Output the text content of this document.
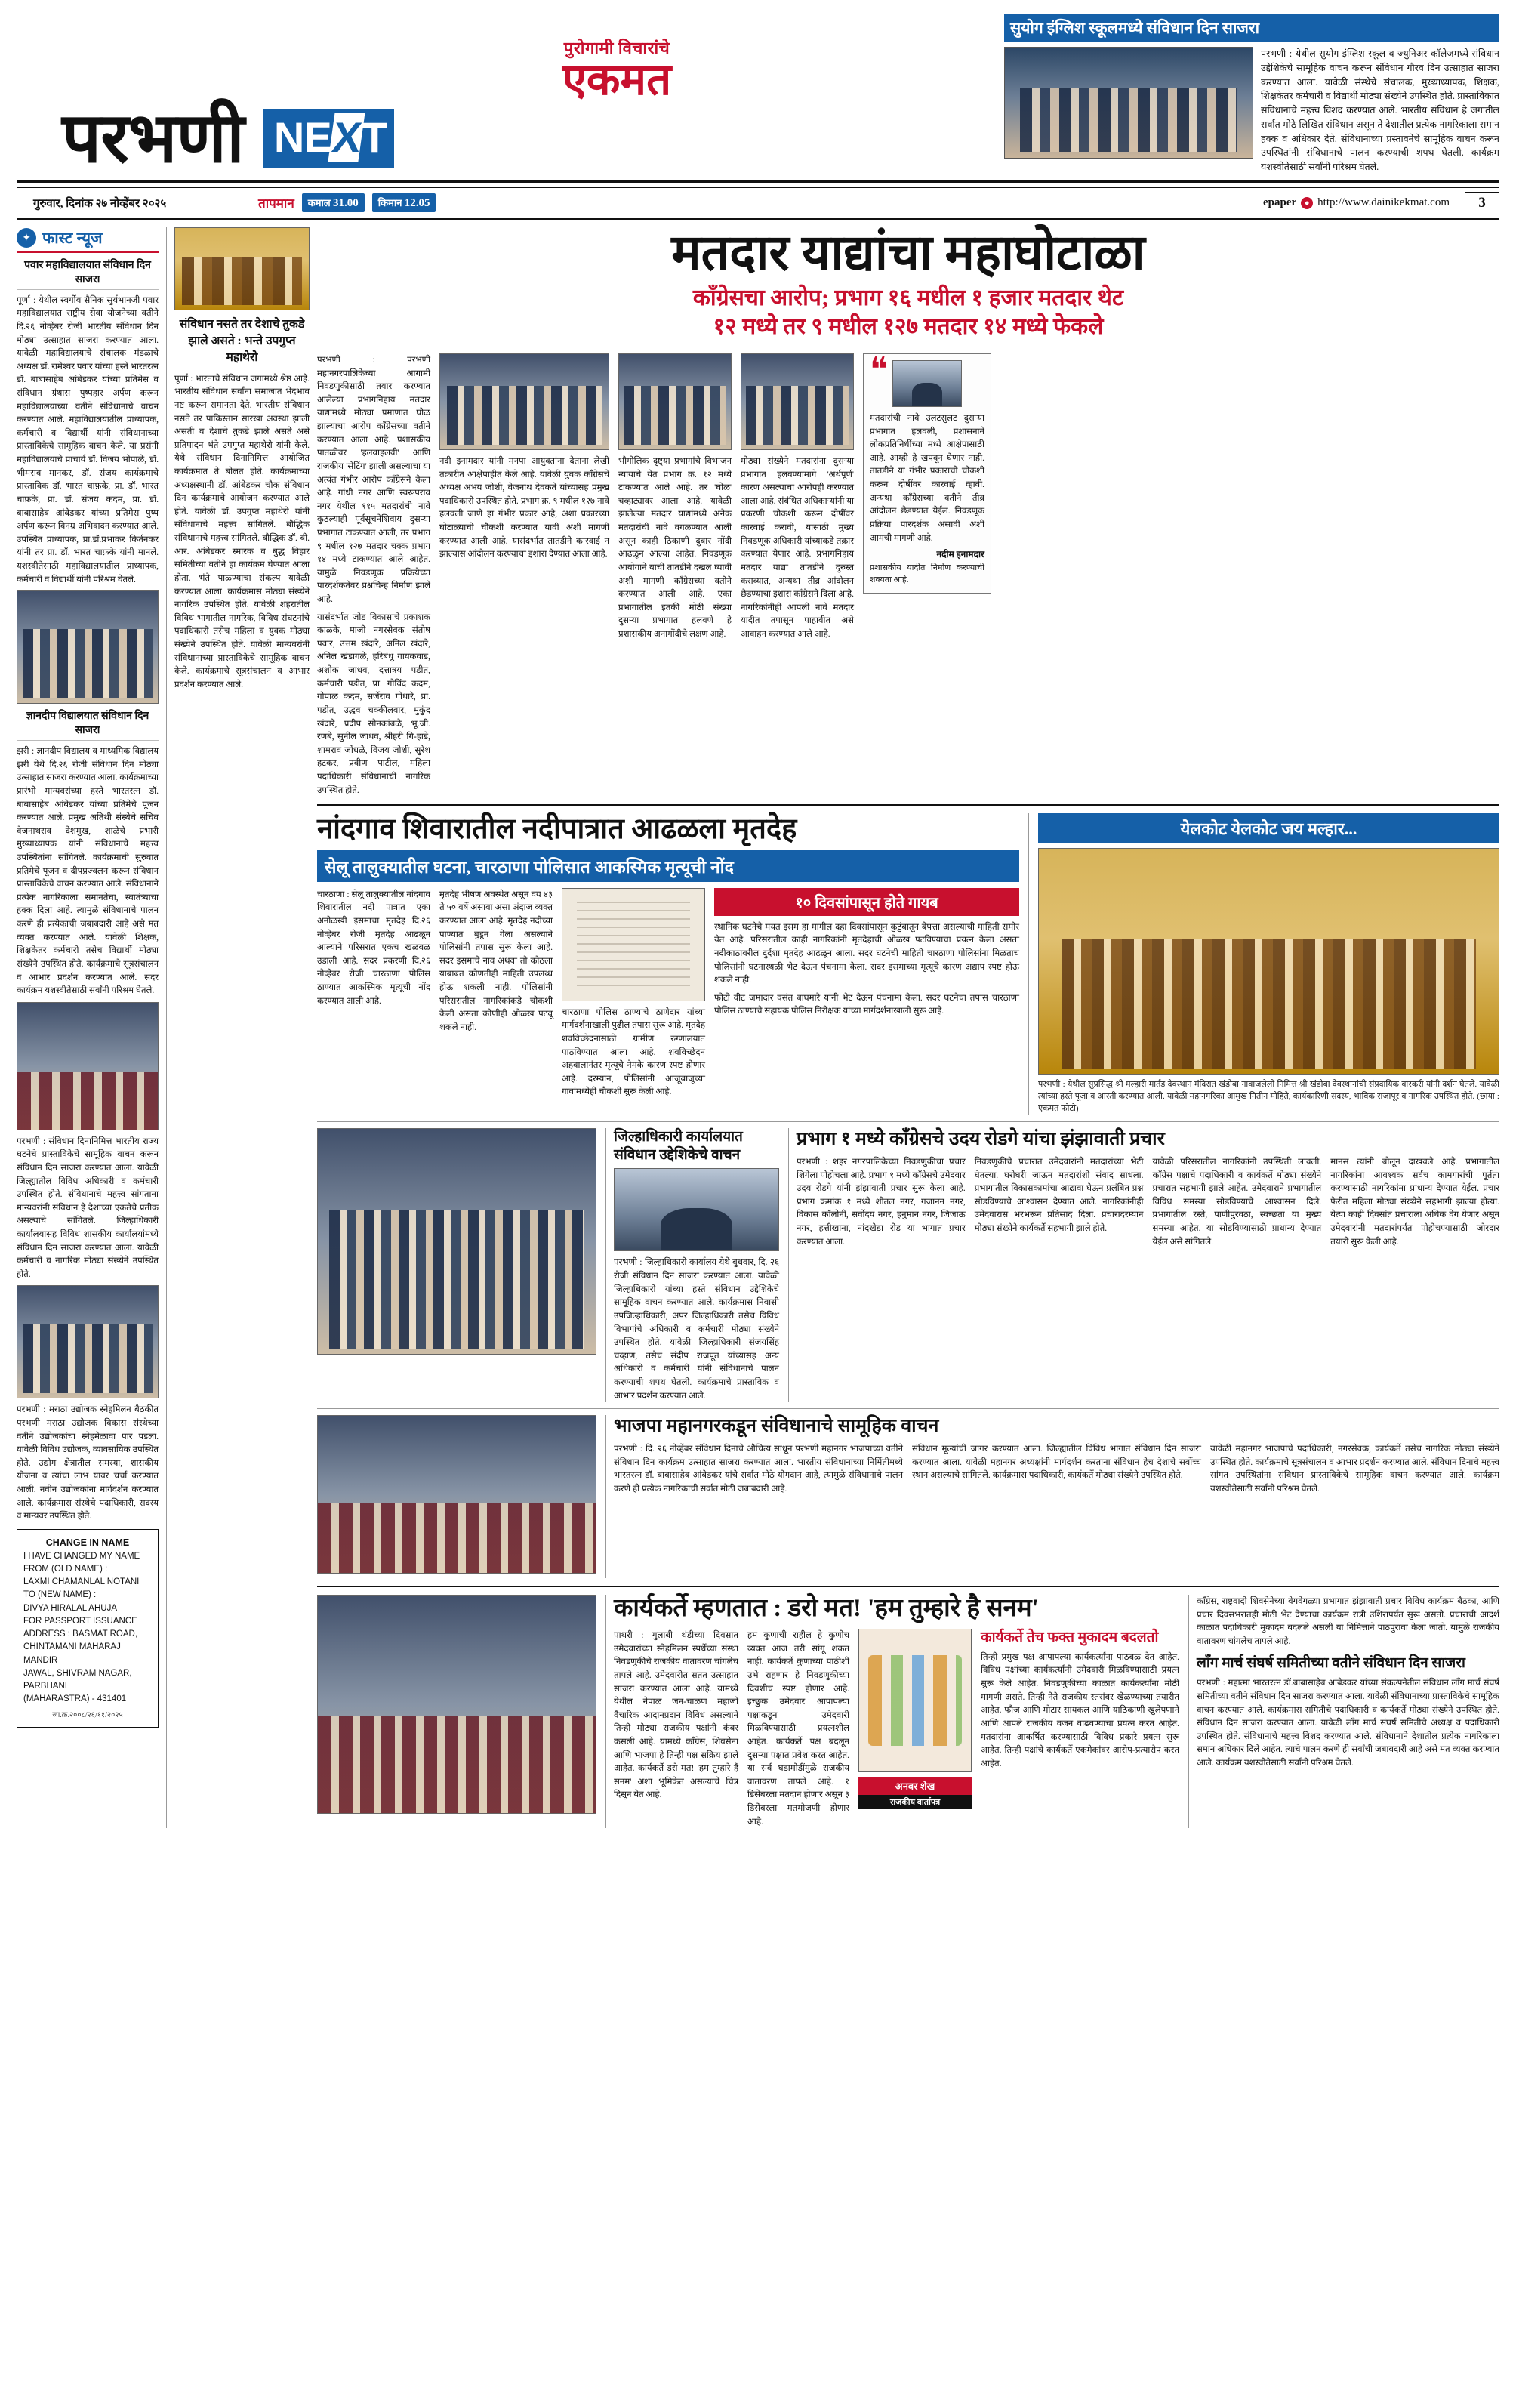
पुरोगामी विचारांचे
एकमत
परभणी NEXT
सुयोग इंग्लिश स्कूलमध्ये संविधान दिन साजरा
परभणी : येथील सुयोग इंग्लिश स्कूल व ज्युनिअर कॉलेजमध्ये संविधान उद्देशिकेचे सामूहिक वाचन करून संविधान गौरव दिन उत्साहात साजरा करण्यात आला. यावेळी संस्थेचे संचालक, मुख्याध्यापक, शिक्षक, शिक्षकेतर कर्मचारी व विद्यार्थी मोठ्या संख्येने उपस्थित होते. प्रास्ताविकात संविधानाचे महत्त्व विशद करण्यात आले. भारतीय संविधान हे जगातील सर्वात मोठे लिखित संविधान असून ते देशातील प्रत्येक नागरिकाला समान हक्क व अधिकार देते. संविधानाच्या प्रस्तावनेचे सामूहिक वाचन करून उपस्थितांनी संविधानाचे पालन करण्याची शपथ घेतली. कार्यक्रम यशस्वीतेसाठी सर्वांनी परिश्रम घेतले.
गुरुवार, दिनांक २७ नोव्हेंबर २०२५	तापमान	कमाल 31.00	किमान 12.05	epaper ● http://www.dainikekmat.com	3
✦ फास्ट न्यूज
पवार महाविद्यालयात संविधान दिन साजरा
पूर्णा : येथील स्वर्गीय सैनिक सुर्यभानजी पवार महाविद्यालयात राष्ट्रीय सेवा योजनेच्या वतीने दि.२६ नोव्हेंबर रोजी भारतीय संविधान दिन मोठ्या उत्साहात साजरा करण्यात आला. यावेळी महाविद्यालयाचे संचालक मंडळाचे अध्यक्ष डॉ. रामेश्वर पवार यांच्या हस्ते भारतरत्न डॉ. बाबासाहेब आंबेडकर यांच्या प्रतिमेस व संविधान ग्रंथास पुष्पहार अर्पण करून महाविद्यालयाच्या वतीने संविधानाचे वाचन करण्यात आले. महाविद्यालयातील प्राध्यापक, कर्मचारी व विद्यार्थी यांनी संविधानाच्या प्रास्ताविकेचे सामूहिक वाचन केले. या प्रसंगी महाविद्यालयाचे प्राचार्य डॉ. विजय भोपाळे, डॉ. भीमराव मानकर, डॉ. संजय कार्यक्रमाचे प्रास्ताविक डॉ. भारत चाफ़के, प्रा. डॉ. भारत चाफ़के, प्रा. डॉ. संजय कदम, प्रा. डॉ. बाबासाहेब आंबेडकर यांच्या प्रतिमेस पुष्प अर्पण करून विनम्र अभिवादन करण्यात आले. उपस्थित प्राध्यापक, प्रा.डॉ.प्रभाकर किर्तनकर यांनी तर प्रा. डॉ. भारत चाफ़के यांनी मानले. यशस्वीतेसाठी महाविद्यालयातील प्राध्यापक, कर्मचारी व विद्यार्थी यांनी परिश्रम घेतले.
ज्ञानदीप विद्यालयात संविधान दिन साजरा
झरी : ज्ञानदीप विद्यालय व माध्यमिक विद्यालय झरी येथे दि.२६ रोजी संविधान दिन मोठ्या उत्साहात साजरा करण्यात आला. कार्यक्रमाच्या प्रारंभी मान्यवरांच्या हस्ते भारतरत्न डॉ. बाबासाहेब आंबेडकर यांच्या प्रतिमेचे पूजन करण्यात आले. प्रमुख अतिथी संस्थेचे सचिव वेजनाथराव देशमुख, शाळेचे प्रभारी मुख्याध्यापक यांनी संविधानाचे महत्त्व उपस्थितांना सांगितले. कार्यक्रमाची सुरुवात प्रतिमेचे पूजन व दीपप्रज्वलन करून संविधान प्रास्ताविकेचे वाचन करण्यात आले. संविधानाने प्रत्येक नागरिकाला समानतेचा, स्वातंत्र्याचा हक्क दिला आहे. त्यामुळे संविधानाचे पालन करणे ही प्रत्येकाची जबाबदारी आहे असे मत व्यक्त करण्यात आले. यावेळी शिक्षक, शिक्षकेतर कर्मचारी तसेच विद्यार्थी मोठ्या संख्येने उपस्थित होते. कार्यक्रमाचे सूत्रसंचालन व आभार प्रदर्शन करण्यात आले. सदर कार्यक्रम यशस्वीतेसाठी सर्वांनी परिश्रम घेतले.
परभणी : संविधान दिनानिमित्त भारतीय राज्य घटनेचे प्रास्ताविकेचे सामूहिक वाचन करून संविधान दिन साजरा करण्यात आला. यावेळी जिल्ह्यातील विविध अधिकारी व कर्मचारी उपस्थित होते. संविधानाचे महत्त्व सांगताना मान्यवरांनी संविधान हे देशाच्या एकतेचे प्रतीक असल्याचे सांगितले. जिल्हाधिकारी कार्यालयासह विविध शासकीय कार्यालयांमध्ये संविधान दिन साजरा करण्यात आला. यावेळी कर्मचारी व नागरिक मोठ्या संख्येने उपस्थित होते.
परभणी : मराठा उद्योजक स्नेहमिलन बैठकीत परभणी मराठा उद्योजक विकास संस्थेच्या वतीने उद्योजकांचा स्नेहमेळावा पार पडला. यावेळी विविध उद्योजक, व्यावसायिक उपस्थित होते. उद्योग क्षेत्रातील समस्या, शासकीय योजना व त्यांचा लाभ यावर चर्चा करण्यात आली. नवीन उद्योजकांना मार्गदर्शन करण्यात आले. कार्यक्रमास संस्थेचे पदाधिकारी, सदस्य व मान्यवर उपस्थित होते.
CHANGE IN NAME
I HAVE CHANGED MY NAME
FROM (OLD NAME) :
LAXMI CHAMANLAL NOTANI
TO (NEW NAME) :
DIVYA HIRALAL AHUJA
FOR PASSPORT ISSUANCE
ADDRESS : BASMAT ROAD,
CHINTAMANI MAHARAJ MANDIR
JAWAL, SHIVRAM NAGAR, PARBHANI
(MAHARASTRA) - 431401
जा.क्र.२००८/२६/११/२०२५
संविधान नसते तर देशाचे तुकडे झाले असते : भन्ते उपगुप्त महाथेरो
पूर्णा : भारताचे संविधान जगामध्ये श्रेष्ठ आहे. भारतीय संविधान सर्वांना समाजात भेदभाव नष्ट करून समानता देते. भारतीय संविधान नसते तर पाकिस्तान सारखा अवस्था झाली असती व देशाचे तुकडे झाले असते असे प्रतिपादन भंते उपगुप्त महाथेरो यांनी केले. येथे संविधान दिनानिमित्त आयोजित कार्यक्रमात ते बोलत होते. कार्यक्रमाच्या अध्यक्षस्थानी डॉ. आंबेडकर चौक संविधान दिन कार्यक्रमाचे आयोजन करण्यात आले होते. यावेळी डॉ. उपगुप्त महाथेरो यांनी संविधानाचे महत्त्व सांगितले. बौद्धिक संविधानाचे महत्त्व सांगितले. बौद्धिक डॉ. बी. आर. आंबेडकर स्मारक व बुद्ध विहार समितीच्या वतीने हा कार्यक्रम घेण्यात आला होता. भंते पाळण्याचा संकल्प यावेळी करण्यात आला. कार्यक्रमास मोठ्या संख्येने नागरिक उपस्थित होते. यावेळी शहरातील विविध भागातील नागरिक, विविध संघटनांचे पदाधिकारी तसेच महिला व युवक मोठ्या संख्येने उपस्थित होते. यावेळी मान्यवरांनी संविधानाच्या प्रास्ताविकेचे सामूहिक वाचन केले. कार्यक्रमाचे सूत्रसंचालन व आभार प्रदर्शन करण्यात आले.
मतदार याद्यांचा महाघोटाळा
काँग्रेसचा आरोप; प्रभाग १६ मधील १ हजार मतदार थेट
१२ मध्ये तर ९ मधील १२७ मतदार १४ मध्ये फेकले
परभणी : परभणी महानगरपालिकेच्या आगामी निवडणुकीसाठी तयार करण्यात आलेल्या प्रभागनिहाय मतदार याद्यांमध्ये मोठ्या प्रमाणात घोळ झाल्याचा आरोप काँग्रेसच्या वतीने करण्यात आला आहे. प्रशासकीय पातळीवर 'हलवाहलवी' आणि राजकीय 'सेटिंग' झाली असल्याचा या अत्यंत गंभीर आरोप काँग्रेसने केला आहे. गांधी नगर आणि स्वरूपराव नगर येथील ११५ मतदारांची नावे कुठल्याही पूर्वसूचनेशिवाय दुसऱ्या प्रभागात टाकण्यात आली, तर प्रभाग ९ मधील १२७ मतदार चक्क प्रभाग १४ मध्ये टाकण्यात आले आहेत. यामुळे निवडणूक प्रक्रियेच्या पारदर्शकतेवर प्रश्नचिन्ह निर्माण झाले आहे.
यासंदर्भात जोड विकासाचे प्रकाशक काळके, माजी नगरसेवक संतोष पवार, उत्तम खंदारे, अनिल खंदारे, अनिल खंडागळे, हरिबंधू गायकवाड, अशोक जाधव, दत्तात्रय पडीत, कर्मचारी पडीत, प्रा. गोविंद कदम, गोपाळ कदम, सर्जेराव गोंधारे, प्रा. पडीत, उद्धव चक्कीलवार, मुकुंद खंदारे, प्रदीप सोनकांबळे, भू.जी. रणबे, सुनील जाधव, श्रीहरी गि-हाडे, शामराव जोंधळे, विजय जोशी, सुरेश हटकर, प्रवीण पाटील, महिला पदाधिकारी संविधानाची नागरिक उपस्थित होते.
नदी इनामदार यांनी मनपा आयुक्तांना देताना लेखी तक्रारीत आक्षेपाहीत केले आहे. यावेळी युवक काँग्रेसचे अध्यक्ष अभय जोशी, वेजनाथ देवकते यांच्यासह प्रमुख पदाधिकारी उपस्थित होते. प्रभाग क्र. ९ मधील १२७ नावे हलवली जाणे हा गंभीर प्रकार आहे, अशा प्रकारच्या घोटाळ्याची चौकशी करण्यात यावी अशी मागणी करण्यात आली आहे. यासंदर्भात तातडीने कारवाई न झाल्यास आंदोलन करण्याचा इशारा देण्यात आला आहे.
भौगोलिक दृष्ट्या प्रभागांचे विभाजन न्यायाचे येत प्रभाग क्र. १२ मध्ये टाकण्यात आले आहे. तर 'घोळ' चव्हाट्यावर आला आहे. यावेळी झालेल्या मतदार याद्यांमध्ये अनेक मतदारांची नावे वगळण्यात आली असून काही ठिकाणी दुबार नोंदी आढळून आल्या आहेत. निवडणूक आयोगाने याची तातडीने दखल घ्यावी अशी मागणी काँग्रेसच्या वतीने करण्यात आली आहे. एका प्रभागातील इतकी मोठी संख्या दुसऱ्या प्रभागात हलवणे हे प्रशासकीय अनागोंदीचे लक्षण आहे.
मोठ्या संख्येने मतदारांना दुसऱ्या प्रभागात हलवण्यामागे 'अर्थपूर्ण' कारण असल्याचा आरोपही करण्यात आला आहे. संबंधित अधिकाऱ्यांनी या प्रकरणी चौकशी करून दोषींवर कारवाई करावी, यासाठी मुख्य निवडणूक अधिकारी यांच्याकडे तक्रार करण्यात येणार आहे. प्रभागनिहाय मतदार याद्या तातडीने दुरुस्त कराव्यात, अन्यथा तीव्र आंदोलन छेडण्याचा इशारा काँग्रेसने दिला आहे. नागरिकांनीही आपली नावे मतदार यादीत तपासून पाहावीत असे आवाहन करण्यात आले आहे.
❝
मतदारांची नावे उलटसुलट दुसऱ्या प्रभागात हलवली, प्रशासनाने लोकप्रतिनिधींच्या मध्ये आक्षेपासाठी आहे. आम्ही हे खपवून घेणार नाही. तातडीने या गंभीर प्रकाराची चौकशी करून दोषींवर कारवाई व्हावी. अन्यथा काँग्रेसच्या वतीने तीव्र आंदोलन छेडण्यात येईल. निवडणूक प्रक्रिया पारदर्शक असावी अशी आमची मागणी आहे.
नदीम इनामदार
प्रशासकीय यादीत निर्माण करण्याची शक्यता आहे.
नांदगाव शिवारातील नदीपात्रात आढळला मृतदेह
सेलू तालुक्यातील घटना, चारठाणा पोलिसात आकस्मिक मृत्यूची नोंद
चारठाणा : सेलू तालुक्यातील नांदगाव शिवारातील नदी पात्रात एका अनोळखी इसमाचा मृतदेह दि.२६ नोव्हेंबर रोजी मृतदेह आढळून आल्याने परिसरात एकच खळबळ उडाली आहे. सदर प्रकरणी दि.२६ नोव्हेंबर रोजी चारठाणा पोलिस ठाण्यात आकस्मिक मृत्यूची नोंद करण्यात आली आहे.
मृतदेह भीषण अवस्थेत असून वय ४३ ते ५० वर्षे असावा असा अंदाज व्यक्त करण्यात आला आहे. मृतदेह नदीच्या पाण्यात बुडून गेला असल्याने पोलिसांनी तपास सुरू केला आहे. सदर इसमाचे नाव अथवा तो कोठला याबाबत कोणतीही माहिती उपलब्ध होऊ शकली नाही. पोलिसांनी परिसरातील नागरिकांकडे चौकशी केली असता कोणीही ओळख पटवू शकले नाही.
चारठाणा पोलिस ठाण्याचे ठाणेदार यांच्या मार्गदर्शनाखाली पुढील तपास सुरू आहे. मृतदेह शवविच्छेदनासाठी ग्रामीण रुग्णालयात पाठविण्यात आला आहे. शवविच्छेदन अहवालानंतर मृत्यूचे नेमके कारण स्पष्ट होणार आहे. दरम्यान, पोलिसांनी आजूबाजूच्या गावांमध्येही चौकशी सुरू केली आहे.
१० दिवसांपासून होते गायब
स्थानिक घटनेचे मयत इसम हा मागील दहा दिवसांपासून कुटुंबातून बेपत्ता असल्याची माहिती समोर येत आहे. परिसरातील काही नागरिकांनी मृतदेहाची ओळख पटविण्याचा प्रयत्न केला असता नदीकाठावरील दुर्दशा मृतदेह आढळून आला. सदर घटनेची माहिती चारठाणा पोलिसांना मिळताच पोलिसांनी घटनास्थळी भेट देऊन पंचनामा केला. सदर इसमाच्या मृत्यूचे कारण अद्याप स्पष्ट होऊ शकले नाही.
फोटो वीट जमादार वसंत बाघमारे यांनी भेट देऊन पंचनामा केला. सदर घटनेचा तपास चारठाणा पोलिस ठाण्याचे सहायक पोलिस निरीक्षक यांच्या मार्गदर्शनाखाली सुरू आहे.
येलकोट येलकोट जय मल्हार...
परभणी : येथील सुप्रसिद्ध श्री मल्हारी मार्तंड देवस्थान मंदिरात खंडोबा नावाजलेली निमित्त श्री खंडोबा देवस्थानांची संप्रदायिक वारकरी यांनी दर्शन घेतले. यावेळी त्यांच्या हस्ते पूजा व आरती करण्यात आली. यावेळी महानगरिका आमुख नितीन मोहिते, कार्यकारिणी सदस्य, भाविक राजापूर व नागरिक उपस्थित होते. (छाया : एकमत फोटो)
जिल्हाधिकारी कार्यालयात संविधान उद्देशिकेचे वाचन
परभणी : जिल्हाधिकारी कार्यालय येथे बुधवार, दि. २६ रोजी संविधान दिन साजरा करण्यात आला. यावेळी जिल्हाधिकारी यांच्या हस्ते संविधान उद्देशिकेचे सामूहिक वाचन करण्यात आले. कार्यक्रमास निवासी उपजिल्हाधिकारी, अपर जिल्हाधिकारी तसेच विविध विभागांचे अधिकारी व कर्मचारी मोठ्या संख्येने उपस्थित होते. यावेळी जिल्हाधिकारी संजयसिंह चव्हाण, तसेच संदीप राजपूत यांच्यासह अन्य अधिकारी व कर्मचारी यांनी संविधानाचे पालन करण्याची शपथ घेतली. कार्यक्रमाचे प्रास्ताविक व आभार प्रदर्शन करण्यात आले.
प्रभाग १ मध्ये काँग्रेसचे उदय रोडगे यांचा झंझावाती प्रचार
परभणी : शहर नगरपालिकेच्या निवडणुकीचा प्रचार शिगेला पोहोचला आहे. प्रभाग १ मध्ये काँग्रेसचे उमेदवार उदय रोडगे यांनी झंझावाती प्रचार सुरू केला आहे. प्रभाग क्रमांक १ मध्ये शीतल नगर, गजानन नगर, विकास कॉलोनी, सर्वोदय नगर, हनुमान नगर, जिजाऊ नगर, हत्तीखाना, नांदखेडा रोड या भागात प्रचार करण्यात आला.
निवडणुकीचे प्रचारात उमेदवारांनी मतदारांच्या भेटी घेतल्या. घरोघरी जाऊन मतदारांशी संवाद साधला. प्रभागातील विकासकामांचा आढावा घेऊन प्रलंबित प्रश्न सोडविण्याचे आश्वासन देण्यात आले. नागरिकांनीही उमेदवारास भरभरून प्रतिसाद दिला. प्रचारादरम्यान मोठ्या संख्येने कार्यकर्ते सहभागी झाले होते.
यावेळी परिसरातील नागरिकांनी उपस्थिती लावली. काँग्रेस पक्षाचे पदाधिकारी व कार्यकर्ते मोठ्या संख्येने प्रचारात सहभागी झाले आहेत. उमेदवाराने प्रभागातील विविध समस्या सोडविण्याचे आश्वासन दिले. प्रभागातील रस्ते, पाणीपुरवठा, स्वच्छता या मुख्य समस्या आहेत. या सोडविण्यासाठी प्राधान्य देण्यात येईल असे सांगितले.
मानस त्यांनी बोलून दाखवले आहे. प्रभागातील नागरिकांना आवश्यक सर्वच कामगारांची पूर्तता करण्यासाठी नागरिकांना प्राधान्य देण्यात येईल. प्रचार फेरीत महिला मोठ्या संख्येने सहभागी झाल्या होत्या. येत्या काही दिवसांत प्रचाराला अधिक वेग येणार असून उमेदवारांनी मतदारांपर्यंत पोहोचण्यासाठी जोरदार तयारी सुरू केली आहे.
भाजपा महानगरकडून संविधानाचे सामूहिक वाचन
परभणी : दि. २६ नोव्हेंबर संविधान दिनाचे औचित्य साधून परभणी महानगर भाजपाच्या वतीने संविधान दिन कार्यक्रम उत्साहात साजरा करण्यात आला. भारतीय संविधानाच्या निर्मितीमध्ये भारतरत्न डॉ. बाबासाहेब आंबेडकर यांचे सर्वात मोठे योगदान आहे, त्यामुळे संविधानाचे पालन करणे ही प्रत्येक नागरिकाची सर्वात मोठी जबाबदारी आहे.
संविधान मूल्यांची जागर करण्यात आला. जिल्ह्यातील विविध भागात संविधान दिन साजरा करण्यात आला. यावेळी महानगर अध्यक्षांनी मार्गदर्शन करताना संविधान हेच देशाचे सर्वोच्च स्थान असल्याचे सांगितले. कार्यक्रमास पदाधिकारी, कार्यकर्ते मोठ्या संख्येने उपस्थित होते.
यावेळी महानगर भाजपाचे पदाधिकारी, नगरसेवक, कार्यकर्ते तसेच नागरिक मोठ्या संख्येने उपस्थित होते. कार्यक्रमाचे सूत्रसंचालन व आभार प्रदर्शन करण्यात आले. संविधान दिनाचे महत्त्व सांगत उपस्थितांना संविधान प्रास्ताविकेचे सामूहिक वाचन करण्यात आले. कार्यक्रम यशस्वीतेसाठी सर्वांनी परिश्रम घेतले.
कार्यकर्ते म्हणतात : डरो मत! 'हम तुम्हारे है सनम'
पाथरी : गुलाबी थंडीच्या दिवसात उमेदवारांच्या स्नेहमिलन स्पर्धेच्या संस्था निवडणुकीचे राजकीय वातावरण चांगलेच तापले आहे. उमेदवारीत सतत उत्साहात साजरा करण्यात आला आहे. यामध्ये येथील नेपाळ जन-चाळण महाजो वैचारिक आदानप्रदान विविध असल्याने तिन्ही मोठ्या राजकीय पक्षांनी कंबर कसली आहे. यामध्ये कॉंग्रेस, शिवसेना आणि भाजपा हे तिन्ही पक्ष सक्रिय झाले आहेत. कार्यकर्ते डरो मत! 'हम तुम्हारे हैं सनम' अशा भूमिकेत असल्याचे चित्र दिसून येत आहे.
हम कुणाची राहील हे कुणीच व्यक्त आज तरी सांगू शकत नाही. कार्यकर्ते कुणाच्या पाठीशी उभे राहणार हे निवडणुकीच्या दिवशीच स्पष्ट होणार आहे. इच्छुक उमेदवार आपापल्या पक्षाकडून उमेदवारी मिळविण्यासाठी प्रयत्नशील आहेत. कार्यकर्ते पक्ष बदलून दुसऱ्या पक्षात प्रवेश करत आहेत. या सर्व घडामोडींमुळे राजकीय वातावरण तापले आहे. १ डिसेंबरला मतदान होणार असून ३ डिसेंबरला मतमोजणी होणार आहे.
अनवर शेख राजकीय वार्तापत्र
कार्यकर्ते तेच फक्त मुकादम बदलतो
तिन्ही प्रमुख पक्ष आपापल्या कार्यकर्त्यांना पाठबळ देत आहेत. विविध पक्षांच्या कार्यकर्त्यांनी उमेदवारी मिळविण्यासाठी प्रयत्न सुरू केले आहेत. निवडणुकीच्या काळात कार्यकर्त्यांना मोठी मागणी असते. तिन्ही नेते राजकीय स्तरांवर खेळण्याच्या तयारीत आहेत. फौज आणि मोटार सायकल आणि याठिकाणी खुलेपणाने आणि आपले राजकीय वजन वाढवण्याचा प्रयत्न करत आहेत. मतदारांना आकर्षित करण्यासाठी विविध प्रकारे प्रयत्न सुरू आहेत. तिन्ही पक्षांचे कार्यकर्ते एकमेकांवर आरोप-प्रत्यारोप करत आहेत.
कॉंग्रेस, राष्ट्रवादी शिवसेनेच्या वेगवेगळ्या प्रभागात झंझावाती प्रचार विविध कार्यक्रम बैठका, आणि प्रचार दिवसभरातही मोठी भेट देण्याचा कार्यक्रम रात्री उशिरापर्यंत सुरू असतो. प्रचाराची आदर्श काळात पदाधिकारी मुकादम बदलले असली या निमित्ताने पाठपुरावा केला जातो. यामुळे राजकीय वातावरण चांगलेच तापले आहे.
लाँग मार्च संघर्ष समितीच्या वतीने संविधान दिन साजरा
परभणी : महात्मा भारतरत्न डॉ.बाबासाहेब आंबेडकर यांच्या संकल्पनेतील संविधान लाँग मार्च संघर्ष समितीच्या वतीने संविधान दिन साजरा करण्यात आला. यावेळी संविधानाच्या प्रास्ताविकेचे सामूहिक वाचन करण्यात आले. कार्यक्रमास समितीचे पदाधिकारी व कार्यकर्ते मोठ्या संख्येने उपस्थित होते. संविधान दिन साजरा करण्यात आला. यावेळी लाँग मार्च संघर्ष समितीचे अध्यक्ष व पदाधिकारी उपस्थित होते. संविधानाचे महत्त्व विशद करण्यात आले. संविधानाने देशातील प्रत्येक नागरिकाला समान अधिकार दिले आहेत. त्याचे पालन करणे ही सर्वांची जबाबदारी आहे असे मत व्यक्त करण्यात आले. कार्यक्रम यशस्वीतेसाठी सर्वांनी परिश्रम घेतले.
